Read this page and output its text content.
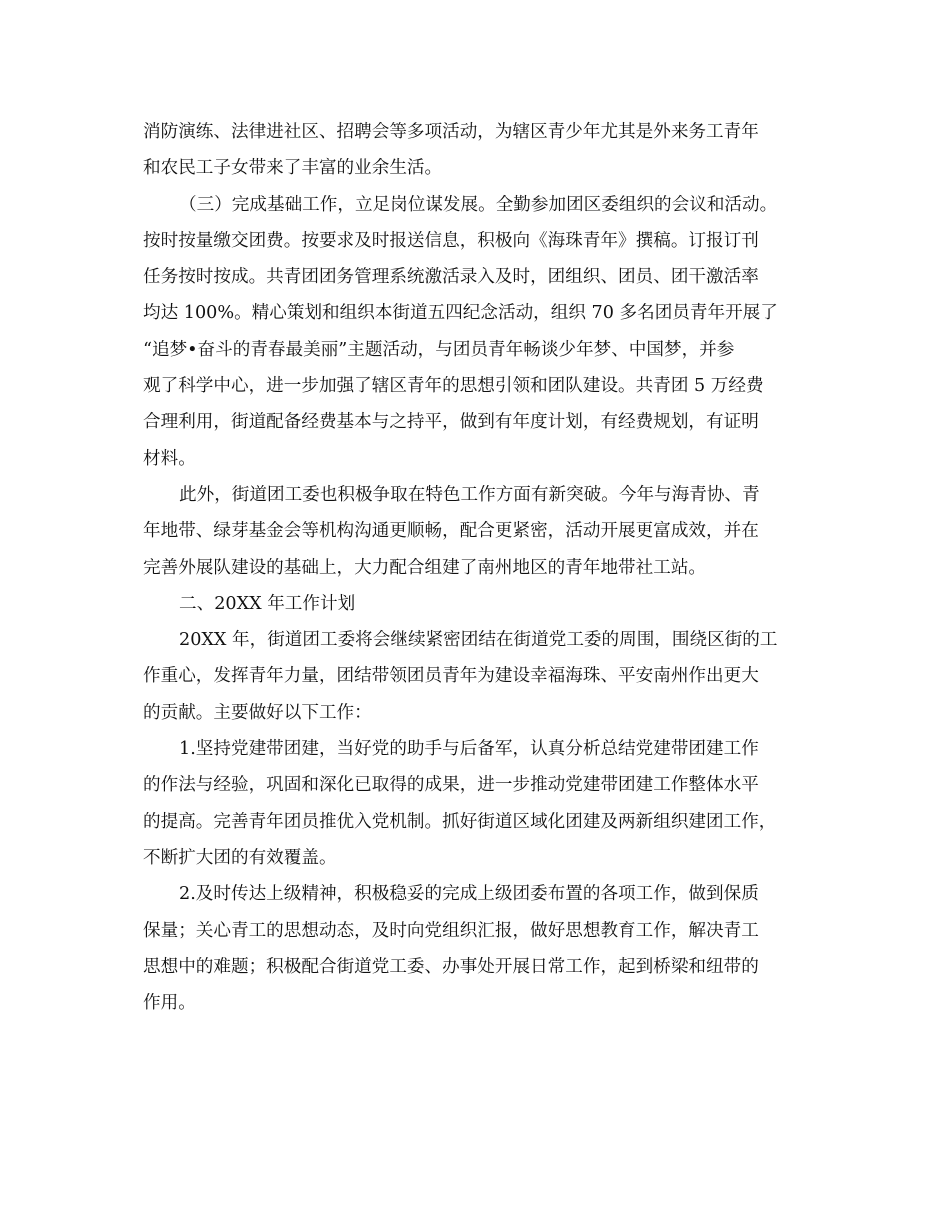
消防演练、法律进社区、招聘会等多项活动，为辖区青少年尤其是外来务工青年

和农民工子女带来了丰富的业余生活。

（三）完成基础工作，立足岗位谋发展。全勤参加团区委组织的会议和活动。

按时按量缴交团费。按要求及时报送信息，积极向《海珠青年》撰稿。订报订刊

任务按时按成。共青团团务管理系统激活录入及时，团组织、团员、团干激活率

均达 100%。精心策划和组织本街道五四纪念活动，组织 70 多名团员青年开展了

“追梦•奋斗的青春最美丽”主题活动，与团员青年畅谈少年梦、中国梦，并参

观了科学中心，进一步加强了辖区青年的思想引领和团队建设。共青团 5 万经费

合理利用，街道配备经费基本与之持平，做到有年度计划，有经费规划，有证明

材料。

此外，街道团工委也积极争取在特色工作方面有新突破。今年与海青协、青

年地带、绿芽基金会等机构沟通更顺畅，配合更紧密，活动开展更富成效，并在

完善外展队建设的基础上，大力配合组建了南州地区的青年地带社工站。

二、20XX 年工作计划

20XX 年，街道团工委将会继续紧密团结在街道党工委的周围，围绕区街的工

作重心，发挥青年力量，团结带领团员青年为建设幸福海珠、平安南州作出更大

的贡献。主要做好以下工作：

1.坚持党建带团建，当好党的助手与后备军，认真分析总结党建带团建工作

的作法与经验，巩固和深化已取得的成果，进一步推动党建带团建工作整体水平

的提高。完善青年团员推优入党机制。抓好街道区域化团建及两新组织建团工作，

不断扩大团的有效覆盖。

2.及时传达上级精神，积极稳妥的完成上级团委布置的各项工作，做到保质

保量；关心青工的思想动态，及时向党组织汇报，做好思想教育工作，解决青工

思想中的难题；积极配合街道党工委、办事处开展日常工作，起到桥梁和纽带的

作用。
